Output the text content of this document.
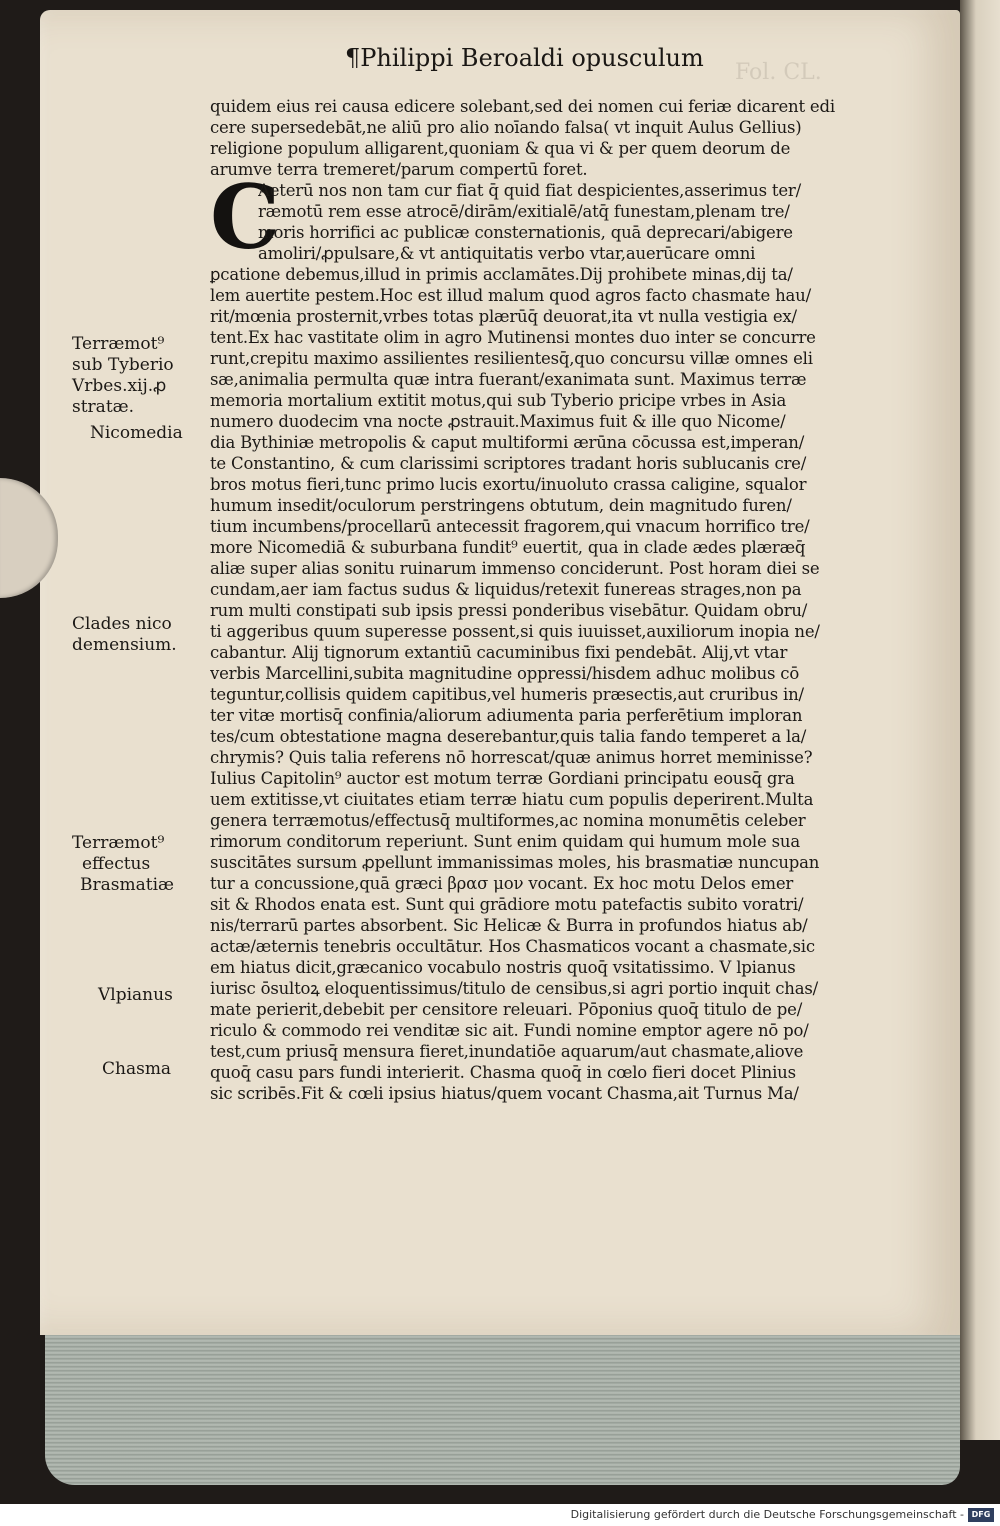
Fol. CL.
¶Philippi Beroaldi opusculum
C
quidem eius rei causa edicere solebant,sed dei nomen cui feriæ dicarent edi
cere supersedebāt,ne aliū pro alio noīando falsa( vt inquit Aulus Gellius)
religione populum alligarent,quoniam & qua vi & per quem deorum de
arumve terra tremeret/parum compertū foret.
Aeterū nos non tam cur fiat q̄ quid fiat despicientes,asserimus ter/
ræmotū rem esse atrocē/dirām/exitialē/atq̄ funestam,plenam tre/
moris horrifici ac publicæ consternationis, quā deprecari/abigere
amoliri/ꝓpulsare,& vt antiquitatis verbo vtar,auerūcare omni
ꝑcatione debemus,illud in primis acclamātes.Dij prohibete minas,dij ta/
lem auertite pestem.Hoc est illud malum quod agros facto chasmate hau/
rit/mœnia prosternit,vrbes totas plærūq̄ deuorat,ita vt nulla vestigia ex/
tent.Ex hac vastitate olim in agro Mutinensi montes duo inter se concurre
runt,crepitu maximo assilientes resilientesq̄,quo concursu villæ omnes eli
sæ,animalia permulta quæ intra fuerant/exanimata sunt. Maximus terræ
memoria mortalium extitit motus,qui sub Tyberio pricipe vrbes in Asia
numero duodecim vna nocte ꝓstrauit.Maximus fuit & ille quo Nicome/
dia Bythiniæ metropolis & caput multiformi ærūna cōcussa est,imperan/
te Constantino, & cum clarissimi scriptores tradant horis sublucanis cre/
bros motus fieri,tunc primo lucis exortu/inuoluto crassa caligine, squalor
humum insedit/oculorum perstringens obtutum, dein magnitudo furen/
tium incumbens/procellarū antecessit fragorem,qui vnacum horrifico tre/
more Nicomediā & suburbana fundit⁹ euertit, qua in clade ædes plæræq̄
aliæ super alias sonitu ruinarum immenso conciderunt. Post horam diei se
cundam,aer iam factus sudus & liquidus/retexit funereas strages,non pa
rum multi constipati sub ipsis pressi ponderibus visebātur. Quidam obru/
ti aggeribus quum superesse possent,si quis iuuisset,auxiliorum inopia ne/
cabantur. Alij tignorum extantiū cacuminibus fixi pendebāt. Alij,vt vtar
verbis Marcellini,subita magnitudine oppressi/hisdem adhuc molibus cō
teguntur,collisis quidem capitibus,vel humeris præsectis,aut cruribus in/
ter vitæ mortisq̄ confinia/aliorum adiumenta paria perferētium imploran
tes/cum obtestatione magna deserebantur,quis talia fando temperet a la/
chrymis? Quis talia referens nō horrescat/quæ animus horret meminisse?
Iulius Capitolin⁹ auctor est motum terræ Gordiani principatu eousq̄ gra
uem extitisse,vt ciuitates etiam terræ hiatu cum populis deperirent.Multa
genera terræmotus/effectusq̄ multiformes,ac nomina monumētis celeber
rimorum conditorum reperiunt. Sunt enim quidam qui humum mole sua
suscitātes sursum ꝓpellunt immanissimas moles, his brasmatiæ nuncupan
tur a concussione,quā græci βρασ μον vocant. Ex hoc motu Delos emer
sit & Rhodos enata est. Sunt qui grādiore motu patefactis subito voratri/
nis/terrarū partes absorbent. Sic Helicæ & Burra in profundos hiatus ab/
actæ/æternis tenebris occultātur. Hos Chasmaticos vocant a chasmate,sic
em hiatus dicit,græcanico vocabulo nostris quoq̄ vsitatissimo. V lpianus
iurisc ōsultoꝝ eloquentissimus/titulo de censibus,si agri portio inquit chas/
mate perierit,debebit per censitore releuari. Pōponius quoq̄ titulo de pe/
riculo & commodo rei venditæ sic ait. Fundi nomine emptor agere nō po/
test,cum priusq̄ mensura fieret,inundatiōe aquarum/aut chasmate,aliove
quoq̄ casu pars fundi interierit. Chasma quoq̄ in cœlo fieri docet Plinius
sic scribēs.Fit & cœli ipsius hiatus/quem vocant Chasma,ait Turnus Ma/
Terræmot⁹
sub Tyberio
Vrbes.xij.ꝓ
stratæ.
Nicomedia
Clades nico
demensium.
Terræmot⁹
effectus
Brasmatiæ
Vlpianus
Chasma
Digitalisierung gefördert durch die Deutsche Forschungsgemeinschaft - DFG
